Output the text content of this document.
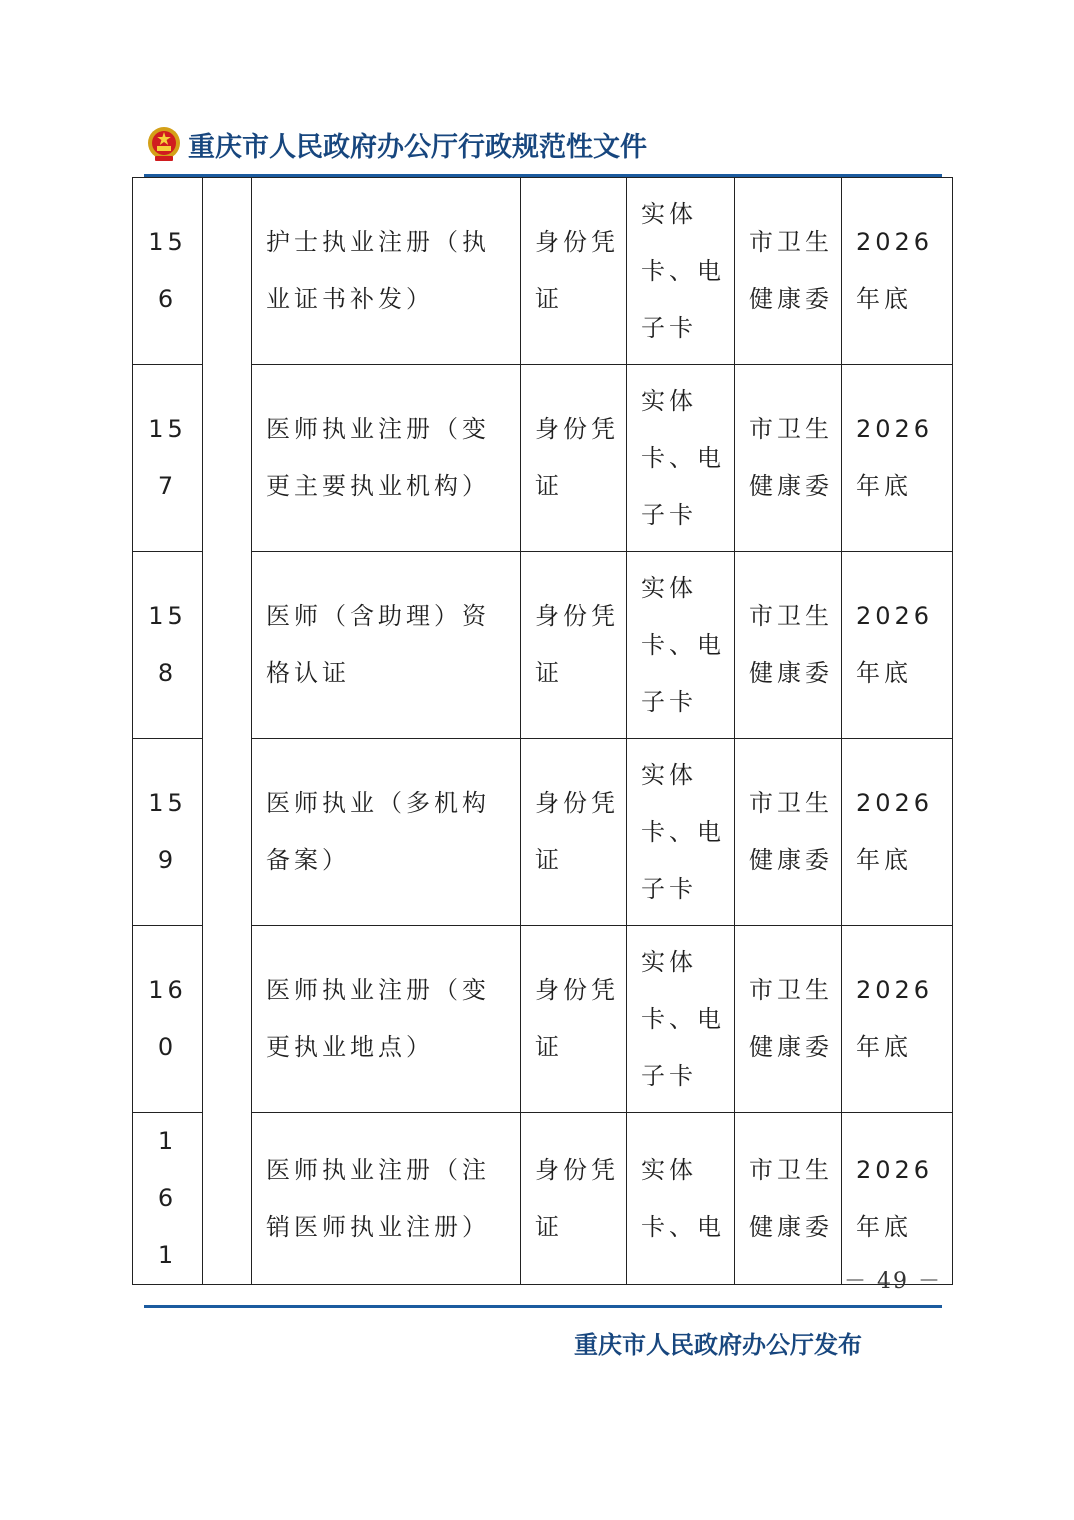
重庆市人民政府办公厅行政规范性文件
156		护士执业注册（执业证书补发）	身份凭证	实体卡、电子卡	市卫生健康委	2026 年底
157		医师执业注册（变更主要执业机构）	身份凭证	实体卡、电子卡	市卫生健康委	2026 年底
158		医师（含助理）资格认证	身份凭证	实体卡、电子卡	市卫生健康委	2026 年底
159		医师执业（多机构备案）	身份凭证	实体卡、电子卡	市卫生健康委	2026 年底
160		医师执业注册（变更执业地点）	身份凭证	实体卡、电子卡	市卫生健康委	2026 年底
161		医师执业注册（注销医师执业注册）	身份凭证	实体卡、电	市卫生健康委	2026 年底
－ 49 －
重庆市人民政府办公厅发布
